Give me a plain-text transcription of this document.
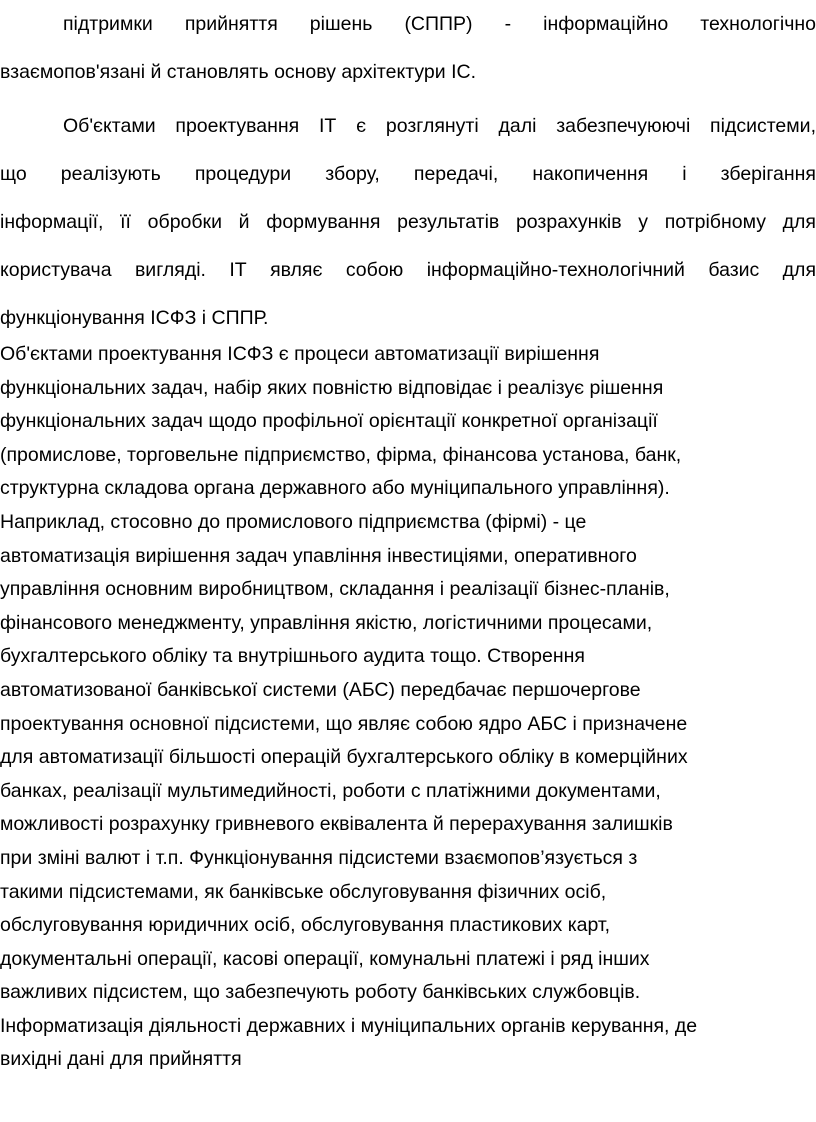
підтримки прийняття рішень (СППР) - інформаційно технологічно
взаємопов'язані й становлять основу архітектури ІС.
Об'єктами проектування ІТ є розглянуті далі забезпечуюючі підсистеми,
що реалізують процедури збору, передачі, накопичення і зберігання
інформації, її обробки й формування результатів розрахунків у потрібному для
користувача вигляді. ІТ являє собою інформаційно-технологічний базис для
функціонування ІСФЗ і СППР.
Об'єктами проектування ІСФЗ є процеси автоматизації вирішення
функціональних задач, набір яких повністю відповідає і реалізує рішення
функціональних задач щодо профільної орієнтації конкретної організації
(промислове, торговельне підприємство, фірма, фінансова установа, банк,
структурна складова органа державного або муніципального управління).
Наприклад, стосовно до промислового підприємства (фірмі) - це
автоматизація вирішення задач упавління інвестиціями, оперативного
управління основним виробництвом, складання і реалізації бізнес-планів,
фінансового менеджменту, управління якістю, логістичними процесами,
бухгалтерського обліку та внутрішнього аудита тощо. Створення
автоматизованої банківської системи (АБС) передбачає першочергове
проектування основної підсистеми, що являє собою ядро АБС і призначене
для автоматизації більшості операцій бухгалтерського обліку в комерційних
банках, реалізації мультимедийності, роботи с платіжними документами,
можливості розрахунку гривневого еквівалента й перерахування залишків
при зміні валют і т.п. Функціонування підсистеми взаємопов’язується з
такими підсистемами, як банківське обслуговування фізичних осіб,
обслуговування юридичних осіб, обслуговування пластикових карт,
документальні операції, касові операції, комунальні платежі і ряд інших
важливих підсистем, що забезпечують роботу банківських службовців.
Інформатизація діяльності державних і муніципальних органів керування, де
вихідні дані для прийняття
